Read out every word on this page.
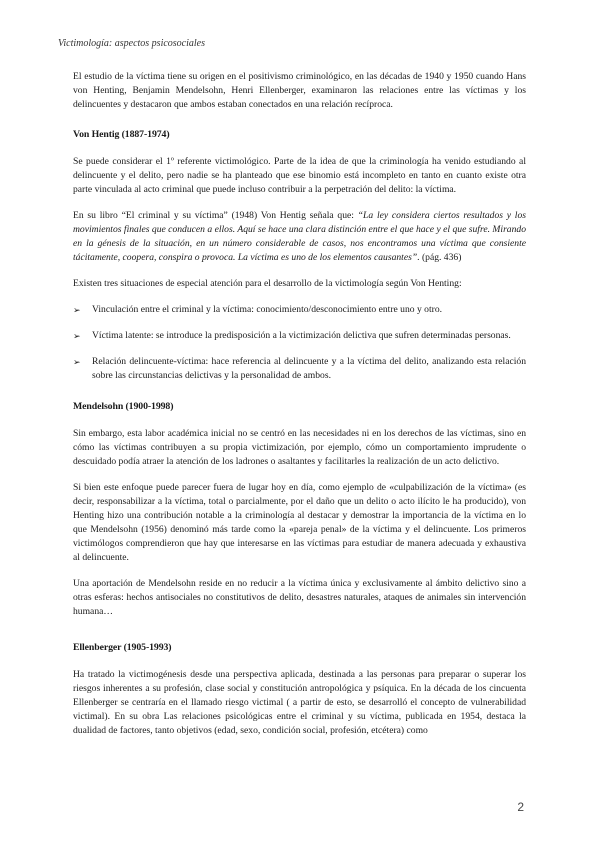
Victimología: aspectos psicosociales

El estudio de la víctima tiene su origen en el positivismo criminológico, en las décadas de 1940 y 1950 cuando Hans von Henting, Benjamin Mendelsohn, Henri Ellenberger, examinaron las relaciones entre las víctimas y los delincuentes y destacaron que ambos estaban conectados en una relación recíproca.

Von Hentig (1887-1974)

Se puede considerar el 1º referente victimológico. Parte de la idea de que la criminología ha venido estudiando al delincuente y el delito, pero nadie se ha planteado que ese binomio está incompleto en tanto en cuanto existe otra parte vinculada al acto criminal que puede incluso contribuir a la perpetración del delito: la víctima.

En su libro “El criminal y su víctima” (1948) Von Hentig señala que: “La ley considera ciertos resultados y los movimientos finales que conducen a ellos. Aquí se hace una clara distinción entre el que hace y el que sufre. Mirando en la génesis de la situación, en un número considerable de casos, nos encontramos una víctima que consiente tácitamente, coopera, conspira o provoca. La víctima es uno de los elementos causantes”. (pág. 436)

Existen tres situaciones de especial atención para el desarrollo de la victimología según Von Henting:

➢ Vinculación entre el criminal y la víctima: conocimiento/desconocimiento entre uno y otro.
➢ Víctima latente: se introduce la predisposición a la victimización delictiva que sufren determinadas personas.
➢ Relación delincuente-víctima: hace referencia al delincuente y a la víctima del delito, analizando esta relación sobre las circunstancias delictivas y la personalidad de ambos.
Mendelsohn (1900-1998)

Sin embargo, esta labor académica inicial no se centró en las necesidades ni en los derechos de las víctimas, sino en cómo las víctimas contribuyen a su propia victimización, por ejemplo, cómo un comportamiento imprudente o descuidado podía atraer la atención de los ladrones o asaltantes y facilitarles la realización de un acto delictivo.

Si bien este enfoque puede parecer fuera de lugar hoy en día, como ejemplo de «culpabilización de la víctima» (es decir, responsabilizar a la víctima, total o parcialmente, por el daño que un delito o acto ilícito le ha producido), von Henting hizo una contribución notable a la criminología al destacar y demostrar la importancia de la víctima en lo que Mendelsohn (1956) denominó más tarde como la «pareja penal» de la víctima y el delincuente. Los primeros victimólogos comprendieron que hay que interesarse en las víctimas para estudiar de manera adecuada y exhaustiva al delincuente.

Una aportación de Mendelsohn reside en no reducir a la víctima única y exclusivamente al ámbito delictivo sino a otras esferas: hechos antisociales no constitutivos de delito, desastres naturales, ataques de animales sin intervención humana…

Ellenberger (1905-1993)

Ha tratado la victimogénesis desde una perspectiva aplicada, destinada a las personas para preparar o superar los riesgos inherentes a su profesión, clase social y constitución antropológica y psíquica. En la década de los cincuenta Ellenberger se centraría en el llamado riesgo victimal ( a partir de esto, se desarrolló el concepto de vulnerabilidad victimal). En su obra Las relaciones psicológicas entre el criminal y su víctima, publicada en 1954, destaca la dualidad de factores, tanto objetivos (edad, sexo, condición social, profesión, etcétera) como

2
